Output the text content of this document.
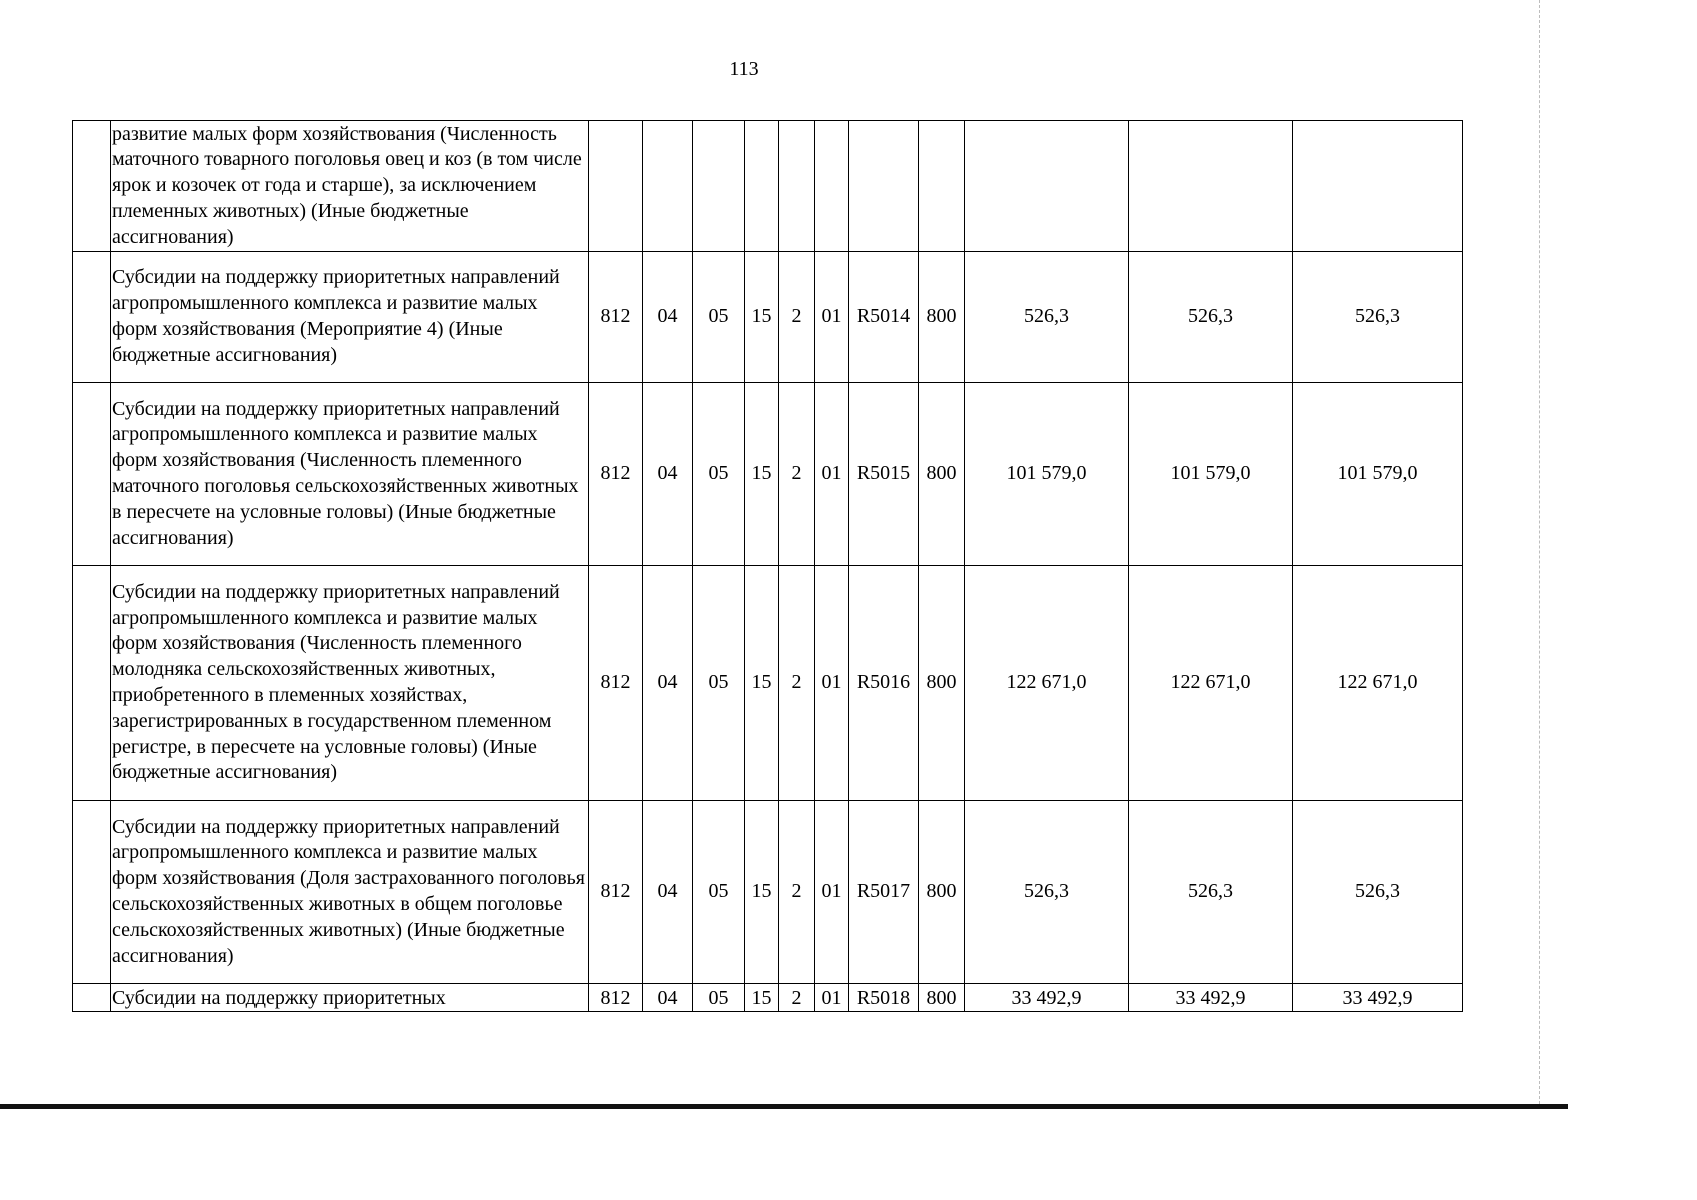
113
	развитие малых форм хозяйствования (Численность маточного товарного поголовья овец и коз (в том числе ярок и козочек от года и старше), за исключением племенных животных) (Иные бюджетные ассигнования)											
	Субсидии на поддержку приоритетных направлений агропромышленного комплекса и развитие малых форм хозяйствования (Мероприятие 4) (Иные бюджетные ассигнования)	812	04	05	15	2	01	R5014	800	526,3	526,3	526,3
	Субсидии на поддержку приоритетных направлений агропромышленного комплекса и развитие малых форм хозяйствования (Численность племенного маточного поголовья сельскохозяйственных животных в пересчете на условные головы) (Иные бюджетные ассигнования)	812	04	05	15	2	01	R5015	800	101 579,0	101 579,0	101 579,0
	Субсидии на поддержку приоритетных направлений агропромышленного комплекса и развитие малых форм хозяйствования (Численность племенного молодняка сельскохозяйственных животных, приобретенного в племенных хозяйствах, зарегистрированных в государственном племенном регистре, в пересчете на условные головы) (Иные бюджетные ассигнования)	812	04	05	15	2	01	R5016	800	122 671,0	122 671,0	122 671,0
	Субсидии на поддержку приоритетных направлений агропромышленного комплекса и развитие малых форм хозяйствования (Доля застрахованного поголовья сельскохозяйственных животных в общем поголовье сельскохозяйственных животных) (Иные бюджетные ассигнования)	812	04	05	15	2	01	R5017	800	526,3	526,3	526,3
	Субсидии на поддержку приоритетных	812	04	05	15	2	01	R5018	800	33 492,9	33 492,9	33 492,9
